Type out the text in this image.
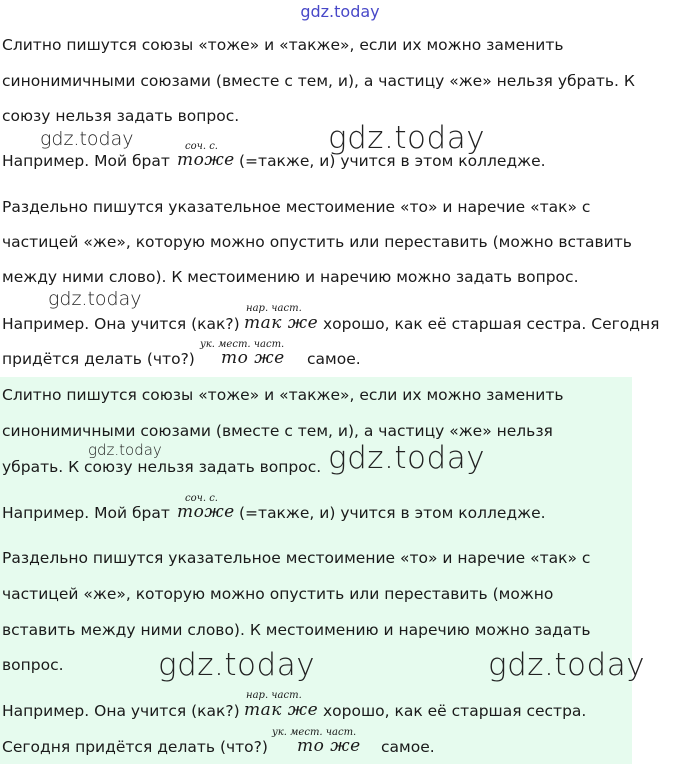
gdz.today
Слитно пишутся союзы «тоже» и «также», если их можно заменить
синонимичными союзами (вместе с тем, и), а частицу «же» нельзя убрать. К
союзу нельзя задать вопрос.
gdz.today	gdz.today
Например. Мой брат
соч. с.
тоже (=также, и) учится в этом колледже.
Раздельно пишутся указательное местоимение «то» и наречие «так» с
частицей «же», которую можно опустить или переставить (можно вставить
между ними слово). К местоимению и наречию можно задать вопрос.
gdz.today
Например. Она учится (как?)
нар. част.
так же хорошо, как её старшая сестра. Сегодня
придётся делать (что?)
ук. мест. част.
то же самое.
Слитно пишутся союзы «тоже» и «также», если их можно заменить
синонимичными союзами (вместе с тем, и), а частицу «же» нельзя
gdz.today
убрать. К союзу нельзя задать вопрос. gdz.today
Например. Мой брат
соч. с.
тоже (=также, и) учится в этом колледже.
Раздельно пишутся указательное местоимение «то» и наречие «так» с
частицей «же», которую можно опустить или переставить (можно
вставить между ними слово). К местоимению и наречию можно задать
вопрос.	gdz.today	gdz.today
Например. Она учится (как?)
нар. част.
так же хорошо, как её старшая сестра.
Сегодня придётся делать (что?)
ук. мест. част.
то же самое.
